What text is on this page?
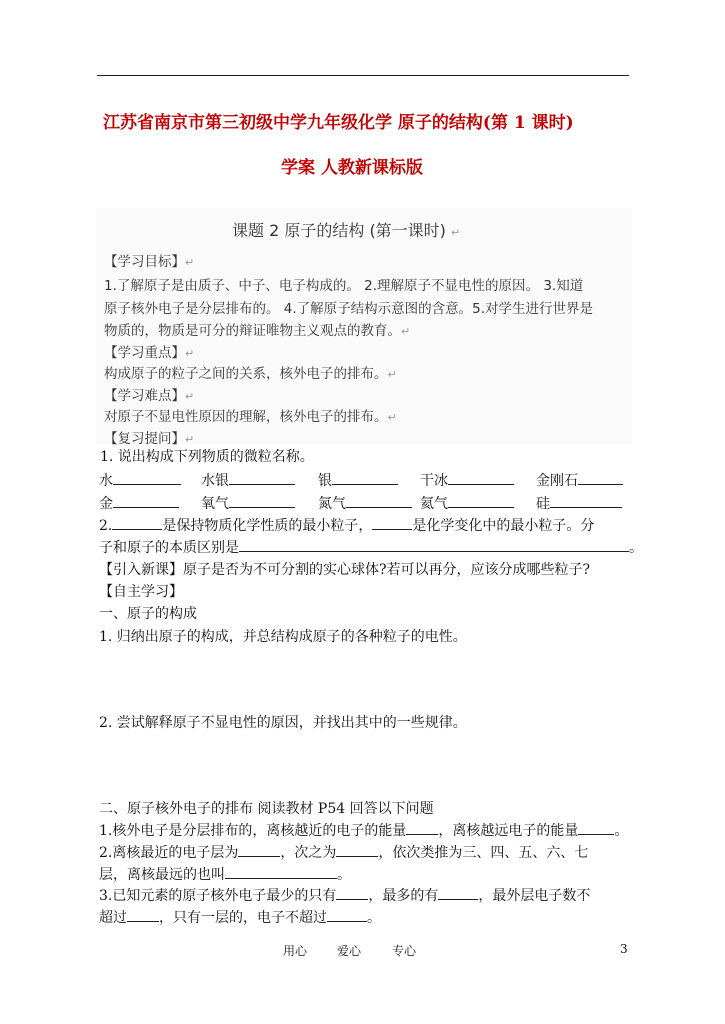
江苏省南京市第三初级中学九年级化学 原子的结构(第 1 课时)
学案 人教新课标版
课题 2 原子的结构 (第一课时) ↵
【学习目标】↵
1.了解原子是由质子、中子、电子构成的。 2.理解原子不显电性的原因。 3.知道
原子核外电子是分层排布的。 4.了解原子结构示意图的含意。5.对学生进行世界是
物质的，物质是可分的辩证唯物主义观点的教育。↵
【学习重点】↵
构成原子的粒子之间的关系，核外电子的排布。↵
【学习难点】↵
对原子不显电性原因的理解，核外电子的排布。↵
【复习提问】↵
1. 说出构成下列物质的微粒名称。
水	水银	银	干冰	金刚石
金	氧气	氮气	氦气	硅
2.	是保持物质化学性质的最小粒子，	是化学变化中的最小粒子。分
子和原子的本质区别是	。
【引入新课】原子是否为不可分割的实心球体?若可以再分，应该分成哪些粒子?
【自主学习】
一、原子的构成
1. 归纳出原子的构成，并总结构成原子的各种粒子的电性。
2. 尝试解释原子不显电性的原因，并找出其中的一些规律。
二、原子核外电子的排布 阅读教材 P54 回答以下问题
1.核外电子是分层排布的，离核越近的电子的能量 ，离核越远电子的能量	。
2.离核最近的电子层为	，次之为	，依次类推为三、四、五、六、七
层，离核最远的也叫	。
3.已知元素的原子核外电子最少的只有 ，最多的有	，最外层电子数不
超过 ，只有一层的，电子不超过	。
用心 爱心	专心	3
